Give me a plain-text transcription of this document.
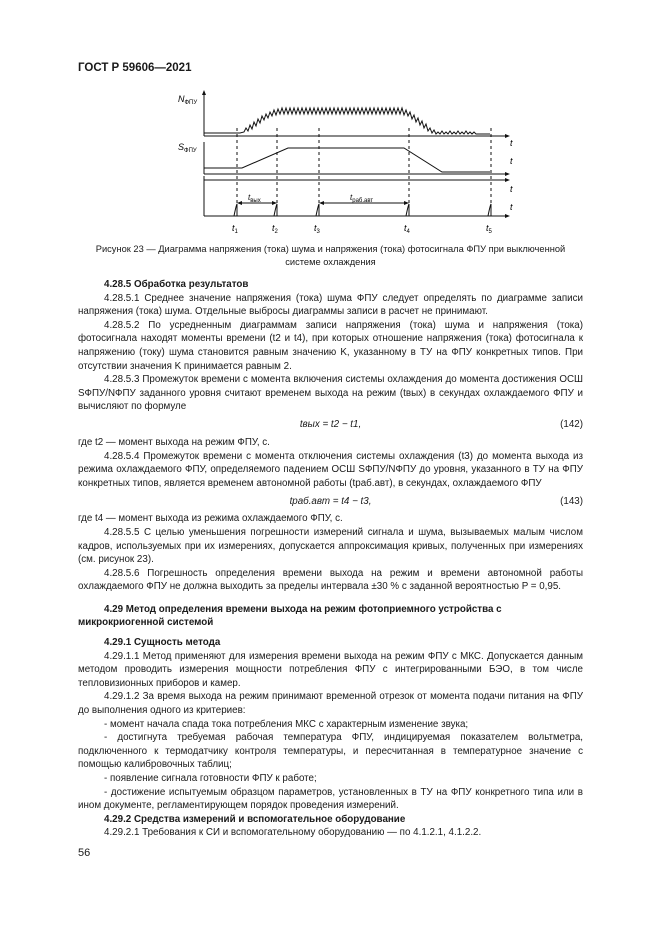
ГОСТ Р 59606—2021
$N_{ФПУ}$
t
$S_{ФПУ}$
t
t
t
$t_{вых}$	$t_{раб.авт}$
$t_1$	$t_2$	$t_3$	$t_4$	$t_5$
Рисунок 23 — Диаграмма напряжения (тока) шума и напряжения (тока) фотосигнала ФПУ при выключенной системе охлаждения
4.28.5 Обработка результатов

4.28.5.1 Среднее значение напряжения (тока) шума ФПУ следует определять по диаграмме записи напряжения (тока) шума. Отдельные выбросы диаграммы записи в расчет не принимают.

4.28.5.2 По усредненным диаграммам записи напряжения (тока) шума и напряжения (тока) фотосигнала находят моменты времени (t2 и t4), при которых отношение напряжения (тока) фотосигнала к напряжению (току) шума становится равным значению K, указанному в ТУ на ФПУ конкретных типов. При отсутствии значения K принимается равным 2.

4.28.5.3 Промежуток времени с момента включения системы охлаждения до момента достижения ОСШ SФПУ/NФПУ заданного уровня считают временем выхода на режим (tвых) в секундах охлаждаемого ФПУ и вычисляют по формуле

tвых = t2 − t1,	(142)

где t2 — момент выхода на режим ФПУ, с.

4.28.5.4 Промежуток времени с момента отключения системы охлаждения (t3) до момента выхода из режима охлаждаемого ФПУ, определяемого падением ОСШ SФПУ/NФПУ до уровня, указанного в ТУ на ФПУ конкретных типов, является временем автономной работы (tраб.авт), в секундах, охлаждаемого ФПУ

tраб.авт = t4 − t3,	(143)

где t4 — момент выхода из режима охлаждаемого ФПУ, с.

4.28.5.5 С целью уменьшения погрешности измерений сигнала и шума, вызываемых малым числом кадров, используемых при их измерениях, допускается аппроксимация кривых, полученных при измерениях (см. рисунок 23).

4.28.5.6 Погрешность определения времени выхода на режим и времени автономной работы охлаждаемого ФПУ не должна выходить за пределы интервала ±30 % с заданной вероятностью P = 0,95.

4.29 Метод определения времени выхода на режим фотоприемного устройства с микрокриогенной системой
4.29.1 Сущность метода

4.29.1.1 Метод применяют для измерения времени выхода на режим ФПУ с МКС. Допускается данным методом проводить измерения мощности потребления ФПУ с интегрированными БЭО, в том числе тепловизионных приборов и камер.

4.29.1.2 За время выхода на режим принимают временной отрезок от момента подачи питания на ФПУ до выполнения одного из критериев:

- момент начала спада тока потребления МКС с характерным изменение звука;

- достигнута требуемая рабочая температура ФПУ, индицируемая показателем вольтметра, подключенного к термодатчику контроля температуры, и пересчитанная в температурное значение с помощью калибровочных таблиц;

- появление сигнала готовности ФПУ к работе;

- достижение испытуемым образцом параметров, установленных в ТУ на ФПУ конкретного типа или в ином документе, регламентирующем порядок проведения измерений.

4.29.2 Средства измерений и вспомогательное оборудование

4.29.2.1 Требования к СИ и вспомогательному оборудованию — по 4.1.2.1, 4.1.2.2.

56
